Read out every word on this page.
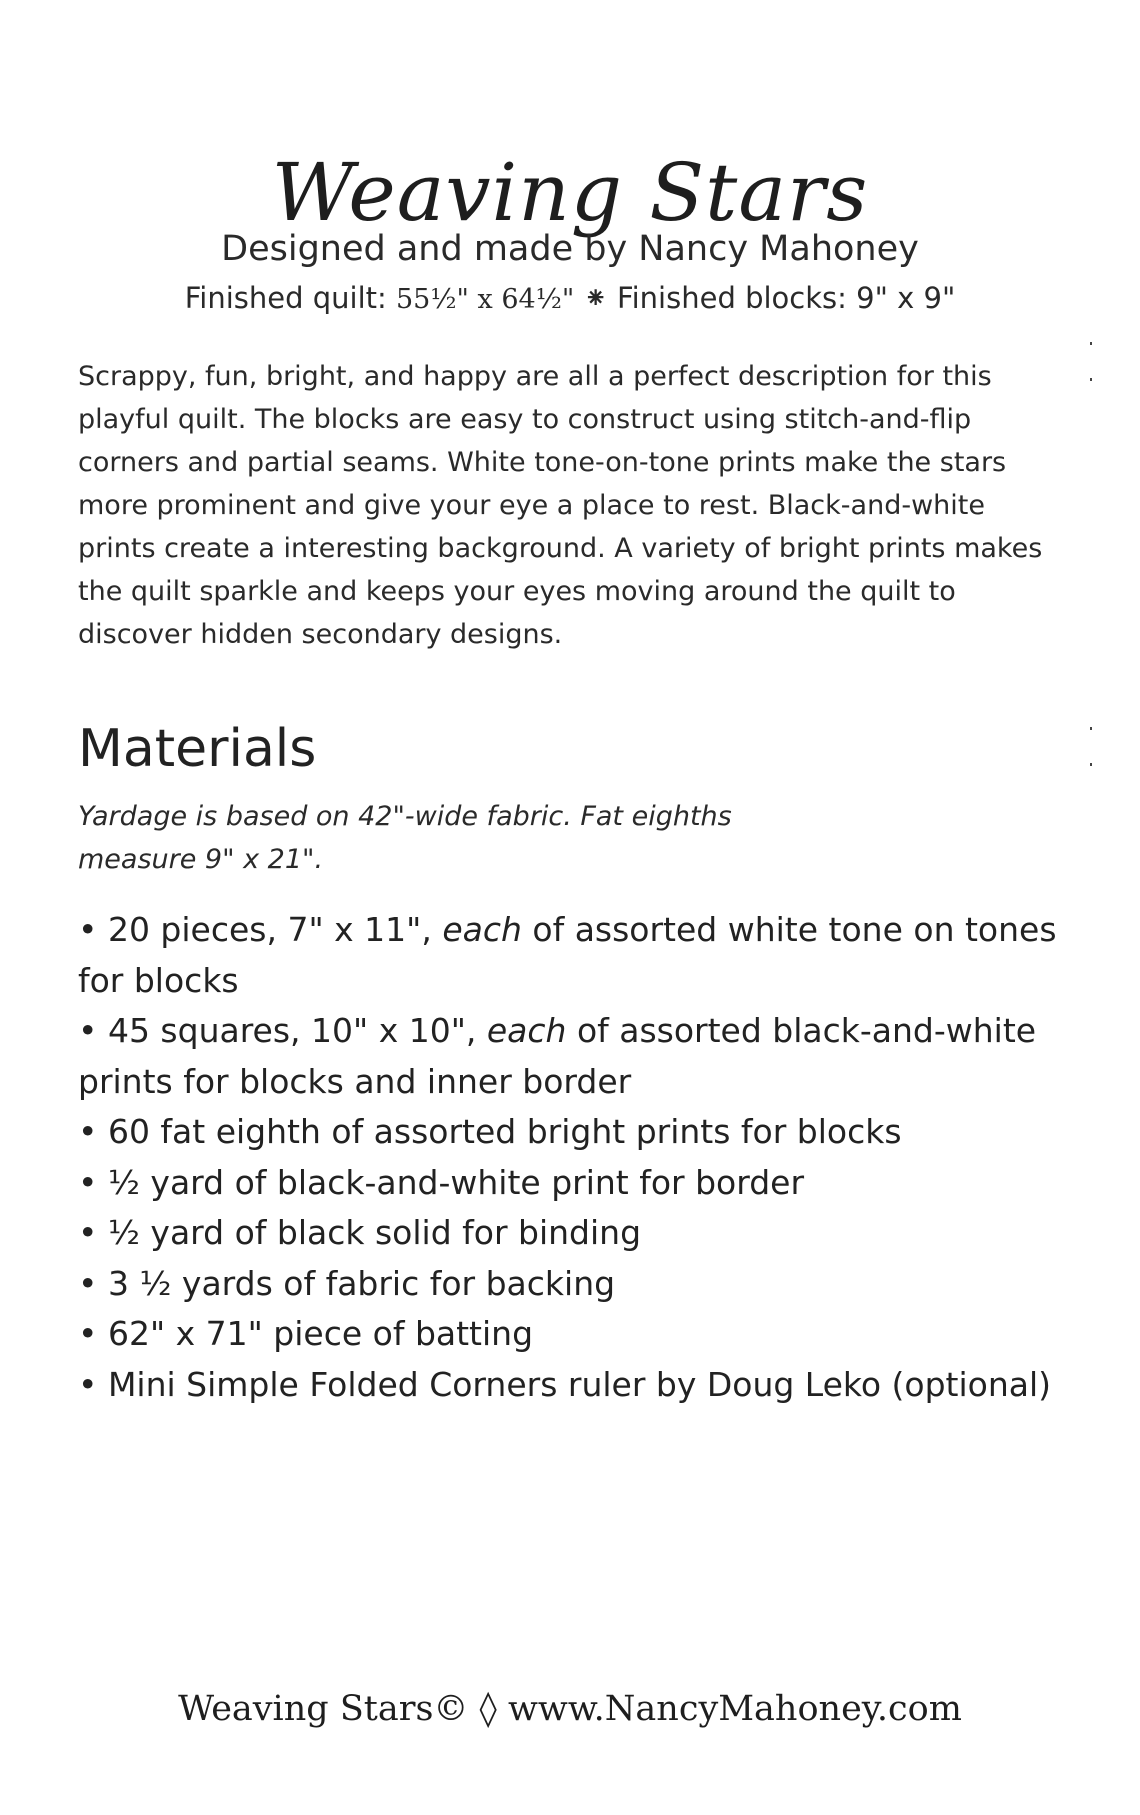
Weaving Stars
Designed and made by Nancy Mahoney
Finished quilt: 55½" x 64½" ⁕ Finished blocks: 9" x 9"

Scrappy, fun, bright, and happy are all a perfect description for this playful quilt. The blocks are easy to construct using stitch-and-flip corners and partial seams. White tone-on-tone prints make the stars more prominent and give your eye a place to rest. Black-and-white prints create a interesting background. A variety of bright prints makes the quilt sparkle and keeps your eyes moving around the quilt to discover hidden secondary designs.

Materials

Yardage is based on 42"-wide fabric. Fat eighths measure 9" x 21".

• 20 pieces, 7" x 11", each of assorted white tone on tones for blocks
• 45 squares, 10" x 10", each of assorted black-and-white prints for blocks and inner border
• 60 fat eighth of assorted bright prints for blocks
• ½ yard of black-and-white print for border
• ½ yard of black solid for binding
• 3 ½ yards of fabric for backing
• 62" x 71" piece of batting
• Mini Simple Folded Corners ruler by Doug Leko (optional)
Weaving Stars© ◊ www.NancyMahoney.com
